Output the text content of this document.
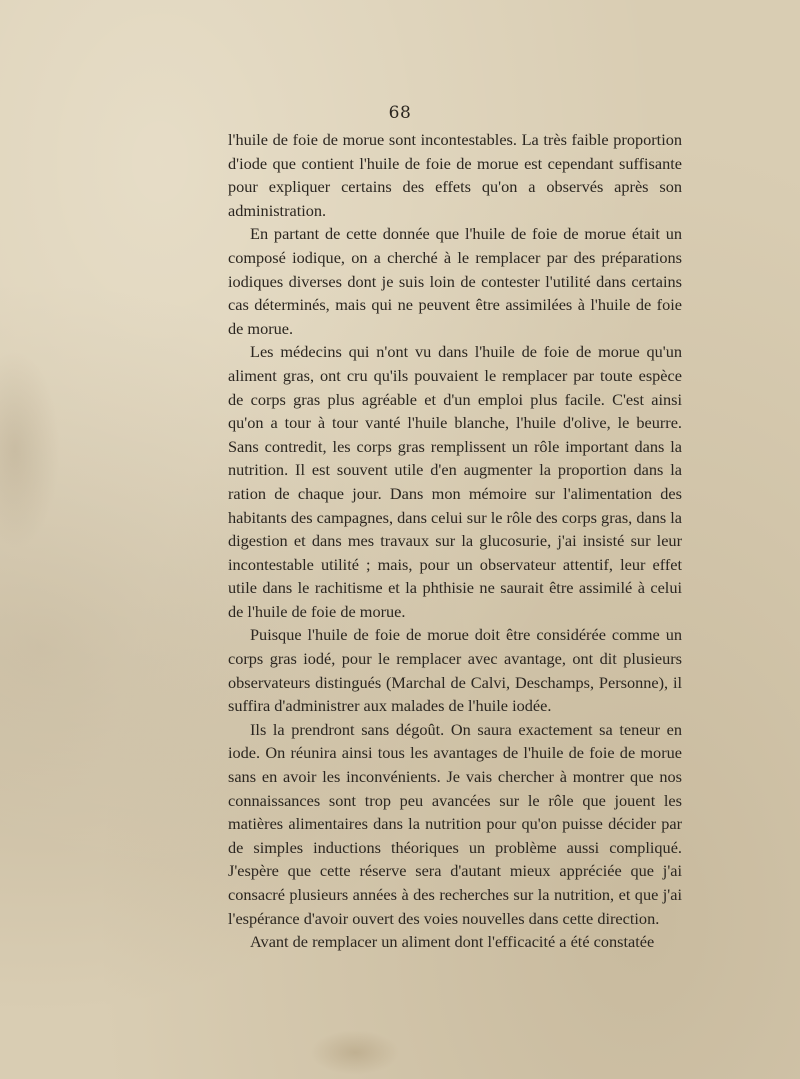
68

l'huile de foie de morue sont incontestables. La très faible proportion d'iode que contient l'huile de foie de morue est cependant suffisante pour expliquer certains des effets qu'on a observés après son administration.

En partant de cette donnée que l'huile de foie de morue était un composé iodique, on a cherché à le remplacer par des préparations iodiques diverses dont je suis loin de contester l'utilité dans certains cas déterminés, mais qui ne peuvent être assimilées à l'huile de foie de morue.

Les médecins qui n'ont vu dans l'huile de foie de morue qu'un aliment gras, ont cru qu'ils pouvaient le remplacer par toute espèce de corps gras plus agréable et d'un emploi plus facile. C'est ainsi qu'on a tour à tour vanté l'huile blanche, l'huile d'olive, le beurre. Sans contredit, les corps gras remplissent un rôle important dans la nutrition. Il est souvent utile d'en augmenter la proportion dans la ration de chaque jour. Dans mon mémoire sur l'alimentation des habitants des campagnes, dans celui sur le rôle des corps gras, dans la digestion et dans mes travaux sur la glucosurie, j'ai insisté sur leur incontestable utilité ; mais, pour un observateur attentif, leur effet utile dans le rachitisme et la phthisie ne saurait être assimilé à celui de l'huile de foie de morue.

Puisque l'huile de foie de morue doit être considérée comme un corps gras iodé, pour le remplacer avec avantage, ont dit plusieurs observateurs distingués (Marchal de Calvi, Deschamps, Personne), il suffira d'administrer aux malades de l'huile iodée.

Ils la prendront sans dégoût. On saura exactement sa teneur en iode. On réunira ainsi tous les avantages de l'huile de foie de morue sans en avoir les inconvénients. Je vais chercher à montrer que nos connaissances sont trop peu avancées sur le rôle que jouent les matières alimentaires dans la nutrition pour qu'on puisse décider par de simples inductions théoriques un problème aussi compliqué. J'espère que cette réserve sera d'autant mieux appréciée que j'ai consacré plusieurs années à des recherches sur la nutrition, et que j'ai l'espérance d'avoir ouvert des voies nouvelles dans cette direction.

Avant de remplacer un aliment dont l'efficacité a été constatée
